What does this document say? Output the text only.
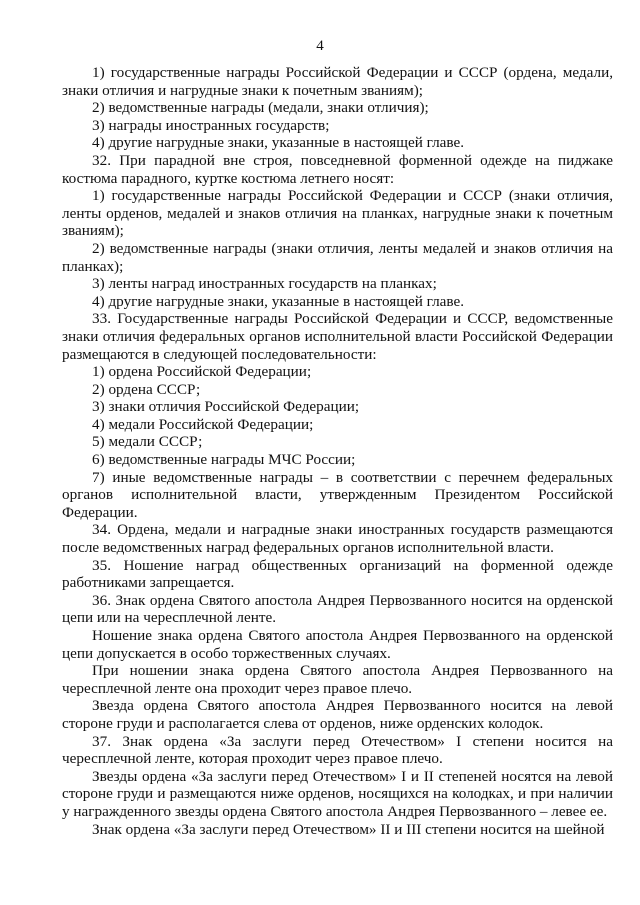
4

1) государственные награды Российской Федерации и СССР (ордена, медали, знаки отличия и нагрудные знаки к почетным званиям);

2) ведомственные награды (медали, знаки отличия);

3) награды иностранных государств;

4) другие нагрудные знаки, указанные в настоящей главе.

32. При парадной вне строя, повседневной форменной одежде на пиджаке костюма парадного, куртке костюма летнего носят:

1) государственные награды Российской Федерации и СССР (знаки отличия, ленты орденов, медалей и знаков отличия на планках, нагрудные знаки к почетным званиям);

2) ведомственные награды (знаки отличия, ленты медалей и знаков отличия на планках);

3) ленты наград иностранных государств на планках;

4) другие нагрудные знаки, указанные в настоящей главе.

33. Государственные награды Российской Федерации и СССР, ведомственные знаки отличия федеральных органов исполнительной власти Российской Федерации размещаются в следующей последовательности:

1) ордена Российской Федерации;

2) ордена СССР;

3) знаки отличия Российской Федерации;

4) медали Российской Федерации;

5) медали СССР;

6) ведомственные награды МЧС России;

7) иные ведомственные награды – в соответствии с перечнем федеральных органов исполнительной власти, утвержденным Президентом Российской Федерации.

34. Ордена, медали и наградные знаки иностранных государств размещаются после ведомственных наград федеральных органов исполнительной власти.

35. Ношение наград общественных организаций на форменной одежде работниками запрещается.

36. Знак ордена Святого апостола Андрея Первозванного носится на орденской цепи или на чересплечной ленте.

Ношение знака ордена Святого апостола Андрея Первозванного на орденской цепи допускается в особо торжественных случаях.

При ношении знака ордена Святого апостола Андрея Первозванного на чересплечной ленте она проходит через правое плечо.

Звезда ордена Святого апостола Андрея Первозванного носится на левой стороне груди и располагается слева от орденов, ниже орденских колодок.

37. Знак ордена «За заслуги перед Отечеством» I степени носится на чересплечной ленте, которая проходит через правое плечо.

Звезды ордена «За заслуги перед Отечеством» I и II степеней носятся на левой стороне груди и размещаются ниже орденов, носящихся на колодках, и при наличии у награжденного звезды ордена Святого апостола Андрея Первозванного – левее ее.

Знак ордена «За заслуги перед Отечеством» II и III степени носится на шейной
